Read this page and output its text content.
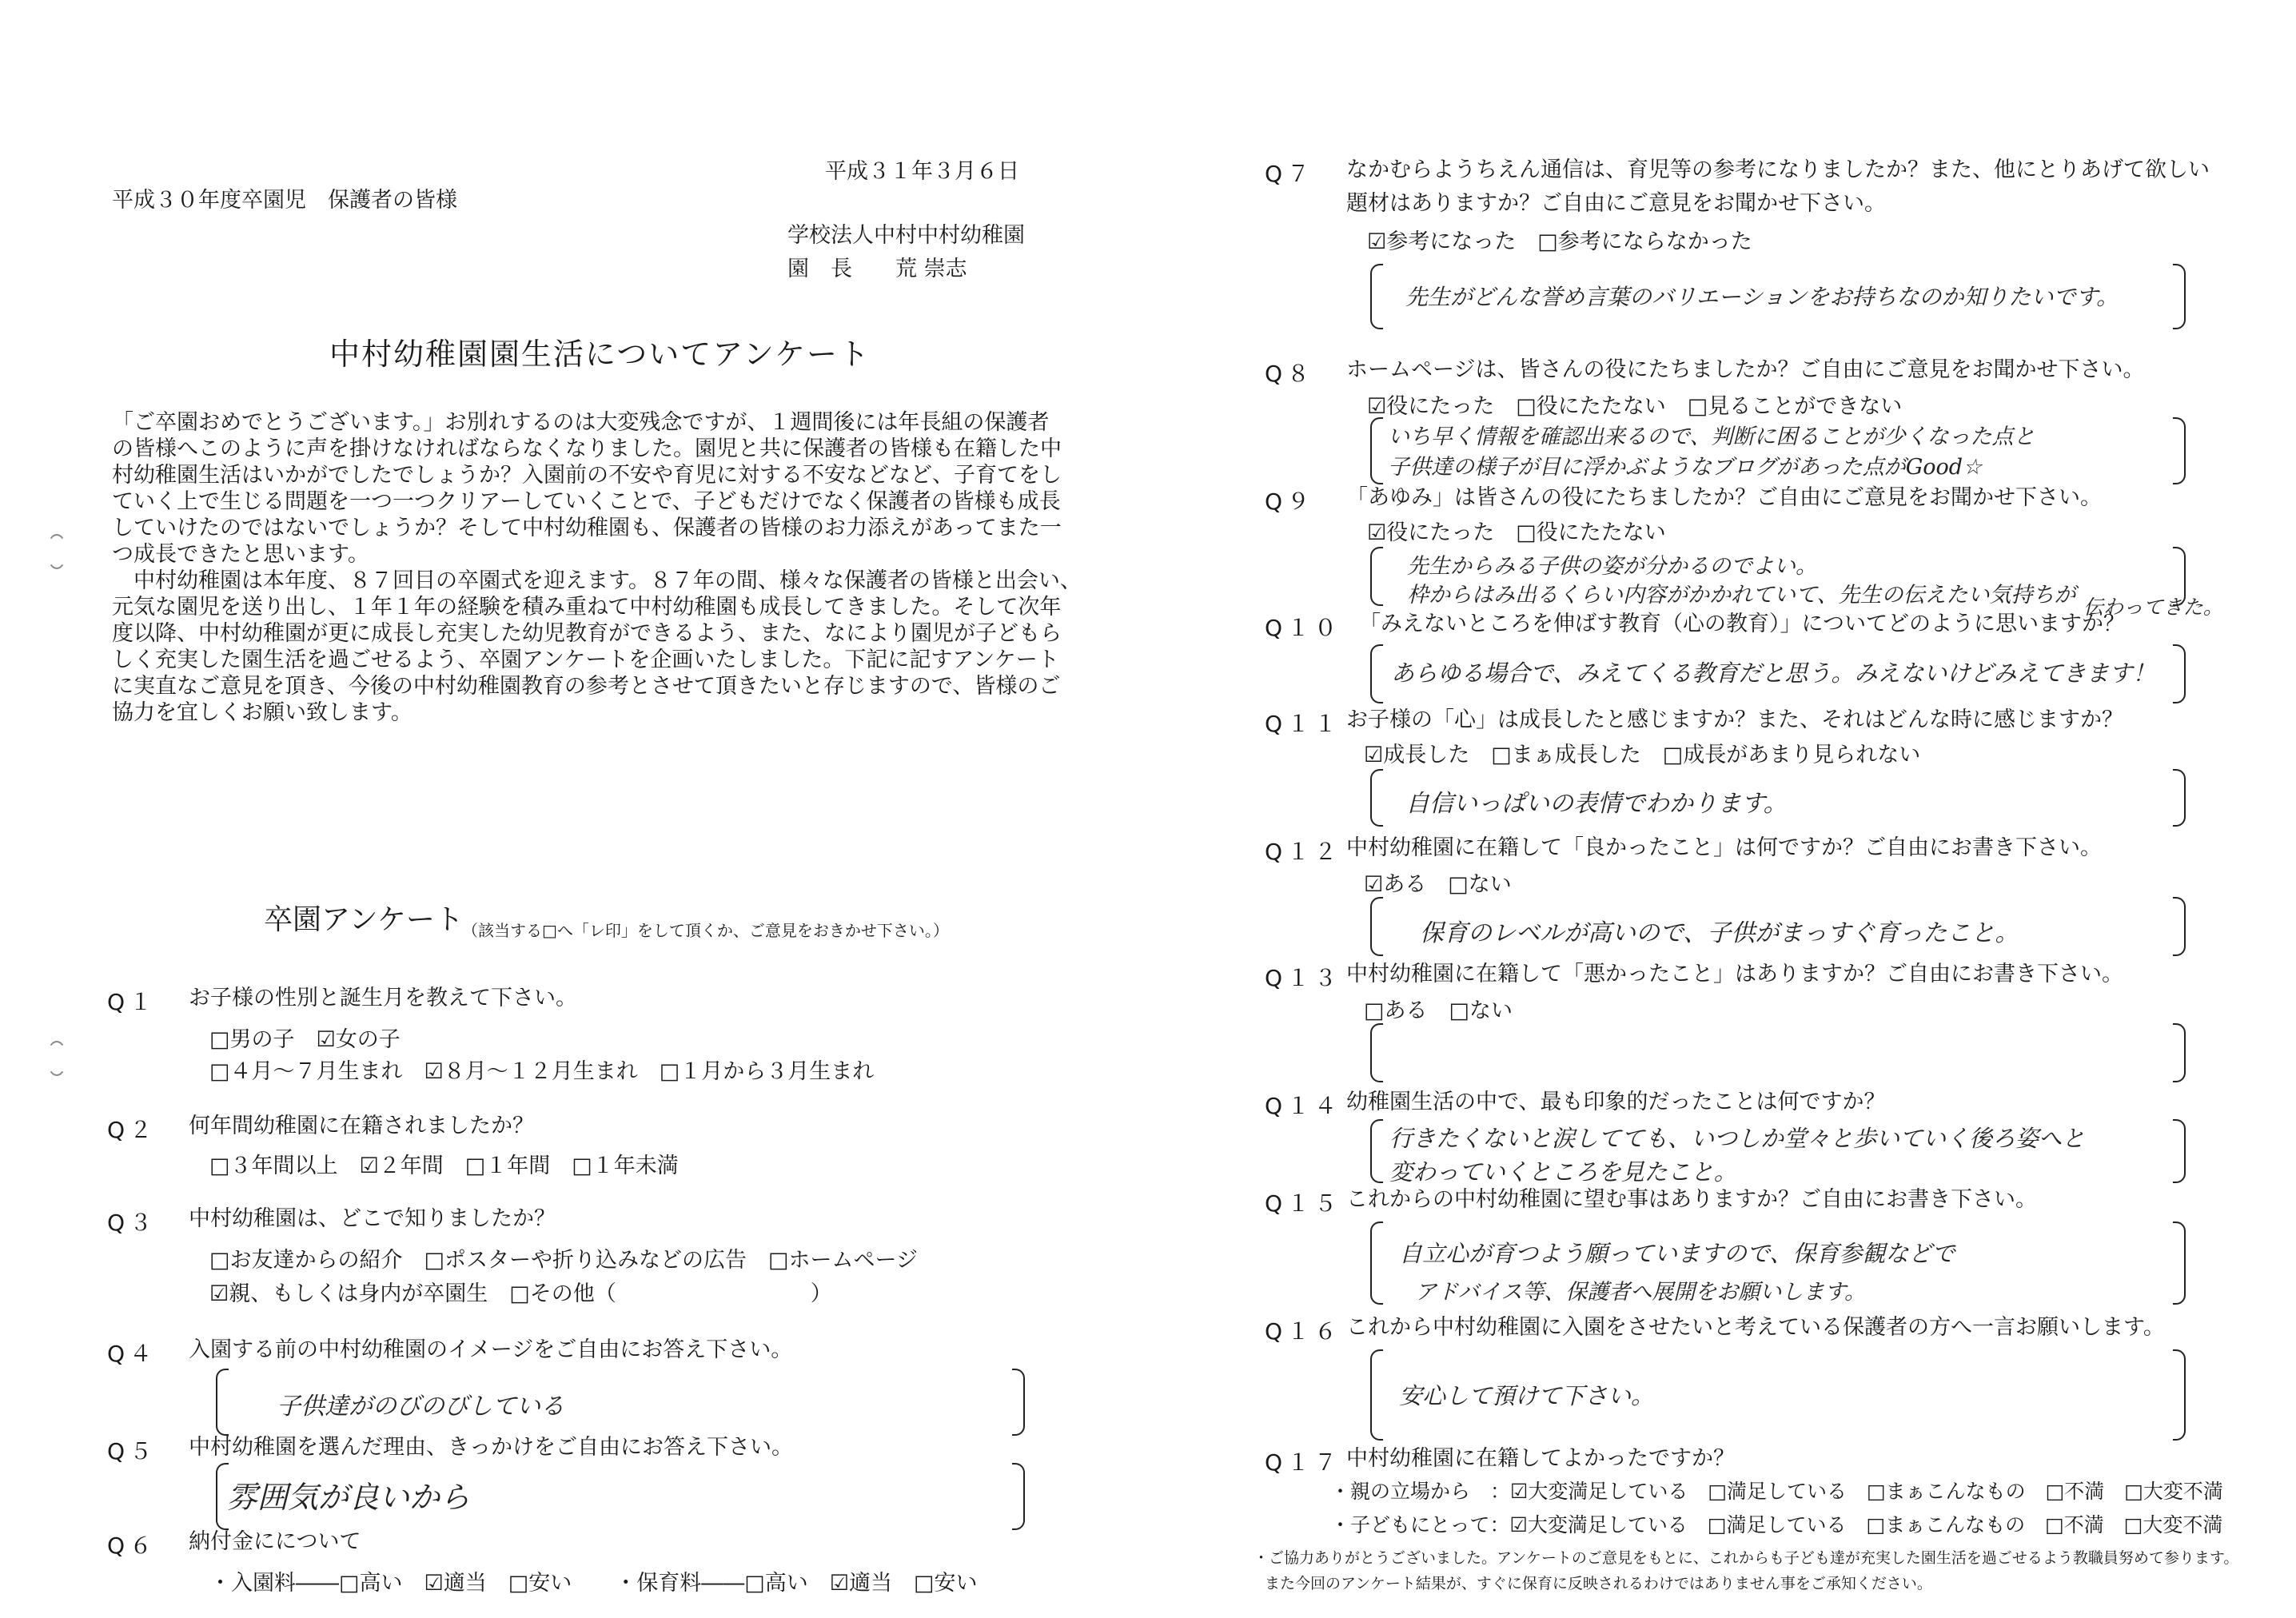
平成３１年３月６日
平成３０年度卒園児　保護者の皆様
学校法人中村中村幼稚園
園　長　　荒 崇志
中村幼稚園園生活についてアンケート
「ご卒園おめでとうございます。」お別れするのは大変残念ですが、１週間後には年長組の保護者
の皆様へこのように声を掛けなければならなくなりました。園児と共に保護者の皆様も在籍した中
村幼稚園生活はいかがでしたでしょうか？入園前の不安や育児に対する不安などなど、子育てをし
ていく上で生じる問題を一つ一つクリアーしていくことで、子どもだけでなく保護者の皆様も成長
していけたのではないでしょうか？そして中村幼稚園も、保護者の皆様のお力添えがあってまた一
つ成長できたと思います。
　中村幼稚園は本年度、８７回目の卒園式を迎えます。８７年の間、様々な保護者の皆様と出会い、
元気な園児を送り出し、１年１年の経験を積み重ねて中村幼稚園も成長してきました。そして次年
度以降、中村幼稚園が更に成長し充実した幼児教育ができるよう、また、なにより園児が子どもら
しく充実した園生活を過ごせるよう、卒園アンケートを企画いたしました。下記に記すアンケート
に実直なご意見を頂き、今後の中村幼稚園教育の参考とさせて頂きたいと存じますので、皆様のご
協力を宜しくお願い致します。
卒園アンケート
（該当する□へ「レ印」をして頂くか、ご意見をおきかせ下さい。）
Q１ お子様の性別と誕生月を教えて下さい。
□男の子　☑女の子
□４月～７月生まれ　☑８月～１２月生まれ　□１月から３月生まれ
Q２ 何年間幼稚園に在籍されましたか？
□３年間以上　☑２年間　□１年間　□１年未満
Q３ 中村幼稚園は、どこで知りましたか？
□お友達からの紹介　□ポスターや折り込みなどの広告　□ホームページ
☑親、もしくは身内が卒園生　□その他（　　　　　　　　　）
Q４ 入園する前の中村幼稚園のイメージをご自由にお答え下さい。
子供達がのびのびしている
Q５ 中村幼稚園を選んだ理由、きっかけをご自由にお答え下さい。
雰囲気が良いから
Q６ 納付金にについて
・入園料――□高い　☑適当　□安い　　・保育料――□高い　☑適当　□安い
Q７ なかむらようちえん通信は、育児等の参考になりましたか？また、他にとりあげて欲しい
題材はありますか？ご自由にご意見をお聞かせ下さい。
☑参考になった　□参考にならなかった
先生がどんな誉め言葉のバリエーションをお持ちなのか知りたいです。
Q８ ホームページは、皆さんの役にたちましたか？ご自由にご意見をお聞かせ下さい。
☑役にたった　□役にたたない　□見ることができない
いち早く情報を確認出来るので、判断に困ることが少くなった点と
子供達の様子が目に浮かぶようなブログがあった点がGood☆
Q９ 「あゆみ」は皆さんの役にたちましたか？ご自由にご意見をお聞かせ下さい。
☑役にたった　□役にたたない
先生からみる子供の姿が分かるのでよい。
枠からはみ出るくらい内容がかかれていて、先生の伝えたい気持ちが 伝わってきた。
Q１０ 「みえないところを伸ばす教育（心の教育）」についてどのように思いますか？
あらゆる場合で、みえてくる教育だと思う。みえないけどみえてきます！
Q１１ お子様の「心」は成長したと感じますか？また、それはどんな時に感じますか？
☑成長した　□まぁ成長した　□成長があまり見られない
自信いっぱいの表情でわかります。
Q１２ 中村幼稚園に在籍して「良かったこと」は何ですか？ご自由にお書き下さい。
☑ある　□ない
保育のレベルが高いので、子供がまっすぐ育ったこと。
Q１３ 中村幼稚園に在籍して「悪かったこと」はありますか？ご自由にお書き下さい。
□ある　□ない
Q１４ 幼稚園生活の中で、最も印象的だったことは何ですか？
行きたくないと涙してても、いつしか堂々と歩いていく後ろ姿へと
変わっていくところを見たこと。
Q１５ これからの中村幼稚園に望む事はありますか？ご自由にお書き下さい。
自立心が育つよう願っていますので、保育参観などで
アドバイス等、保護者へ展開をお願いします。
Q１６ これから中村幼稚園に入園をさせたいと考えている保護者の方へ一言お願いします。
安心して預けて下さい。
Q１７ 中村幼稚園に在籍してよかったですか？
・親の立場から　：☑大変満足している　□満足している　□まぁこんなもの　□不満　□大変不満
・子どもにとって：☑大変満足している　□満足している　□まぁこんなもの　□不満　□大変不満
・ご協力ありがとうございました。アンケートのご意見をもとに、これからも子ども達が充実した園生活を過ごせるよう教職員努めて参ります。
また今回のアンケート結果が、すぐに保育に反映されるわけではありません事をご承知ください。
